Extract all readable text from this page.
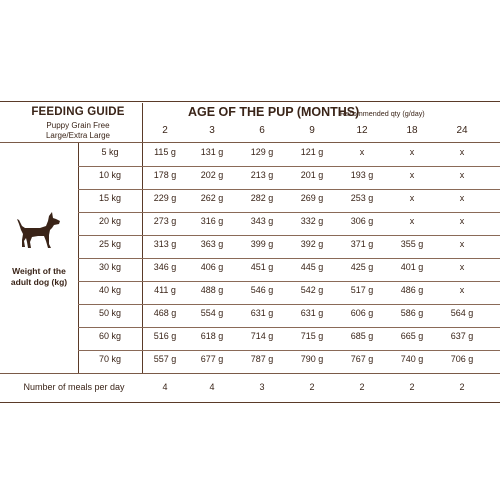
FEEDING GUIDE
Puppy Grain Free
Large/Extra Large
AGE OF THE PUP (MONTHS)
Recommended qty (g/day)
2	3	6	9	12	18	24
Weight of the
adult dog (kg)
5 kg	115 g	131 g	129 g	121 g	x	x	x
10 kg	178 g	202 g	213 g	201 g	193 g	x	x
15 kg	229 g	262 g	282 g	269 g	253 g	x	x
20 kg	273 g	316 g	343 g	332 g	306 g	x	x
25 kg	313 g	363 g	399 g	392 g	371 g	355 g	x
30 kg	346 g	406 g	451 g	445 g	425 g	401 g	x
40 kg	411 g	488 g	546 g	542 g	517 g	486 g	x
50 kg	468 g	554 g	631 g	631 g	606 g	586 g	564 g
60 kg	516 g	618 g	714 g	715 g	685 g	665 g	637 g
70 kg	557 g	677 g	787 g	790 g	767 g	740 g	706 g
Number of meals per day	4	4	3	2	2	2	2
